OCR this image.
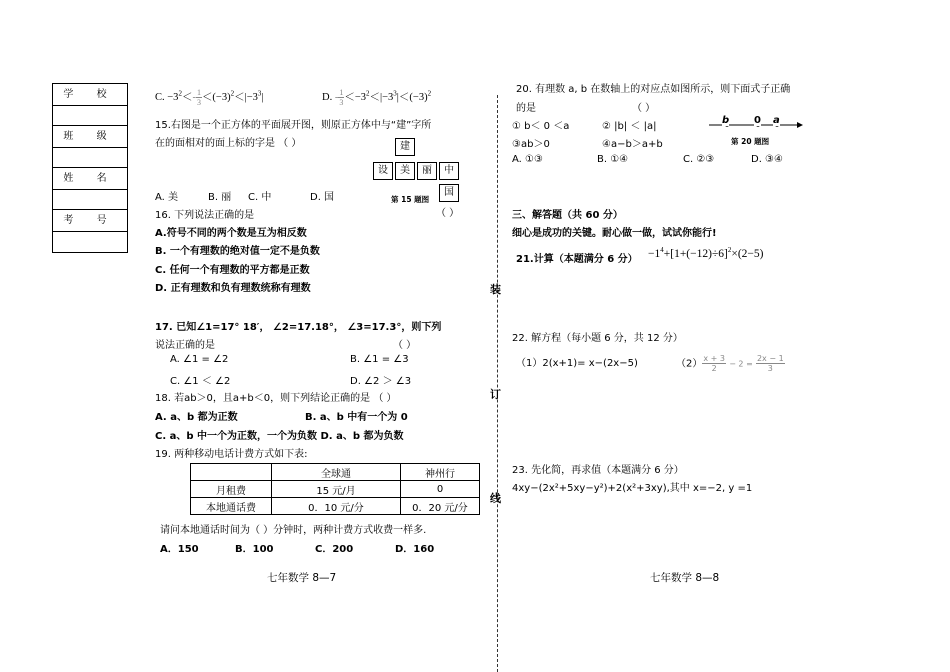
学 校
班 级
姓 名
考 号
C. $-3^2<- \frac{1}{3} <(-3)^2<|-3^3|$	D. - $\frac{1}{3} <-3^2<|-3^3|<(-3)^2$
15.右图是一个正方体的平面展开图，则原正方体中与“建”字所
在的面相对的面上标的字是 （ ）
A. 美	B. 丽 C. 中	D. 国
建
设	美	丽	中
国
第 15 题图
16. 下列说法正确的是	（ ）
A.符号不同的两个数是互为相反数
B. 一个有理数的绝对值一定不是负数
C. 任何一个有理数的平方都是正数
D. 正有理数和负有理数统称有理数
17. 已知∠1=17° 18′， ∠2=17.18°， ∠3=17.3°，则下列
说法正确的是	（ ）
A. ∠1 = ∠2	B. ∠1 = ∠3
C. ∠1 ＜ ∠2	D. ∠2 ＞ ∠3
18. 若ab＞0，且a+b＜0，则下列结论正确的是 （ ）
A. a、b 都为正数	B. a、b 中有一个为 0
C. a、b 中一个为正数，一个为负数 D. a、b 都为负数
19. 两种移动电话计费方式如下表:
	全球通	神州行
月租费	15 元/月	0
本地通话费	0．10 元/分	0．20 元/分
请问本地通话时间为（ ）分钟时，两种计费方式收费一样多.
A．150	B．100	C．200	D．160
七年数学 8—7
装
订
线
20. 有理数 a, b 在数轴上的对应点如图所示，则下面式子正确
的是	（ ）
① b＜ 0 ＜a	② |b| ＜ |a|
③ab＞0	④a−b＞a+b
A. ①③	B. ①④	C. ②③	D. ③④
b 0 a
第 20 题图
三、解答题（共 60 分）
细心是成功的关键。耐心做一做，试试你能行!
21.计算（本题满分 6 分） $-1^4+[1+(-12)\div 6]^2\times(2-5)$
22. 解方程（每小题 6 分，共 12 分）
（1）2(x+1)= x−(2x−5)	$(2) \frac{x + 3}{2} - 2 = \frac{2x - 1}{3}$
23. 先化简，再求值（本题满分 6 分）
4xy−(2x²+5xy−y²)+2(x²+3xy),其中 x=−2, y =1
七年数学 8—8
